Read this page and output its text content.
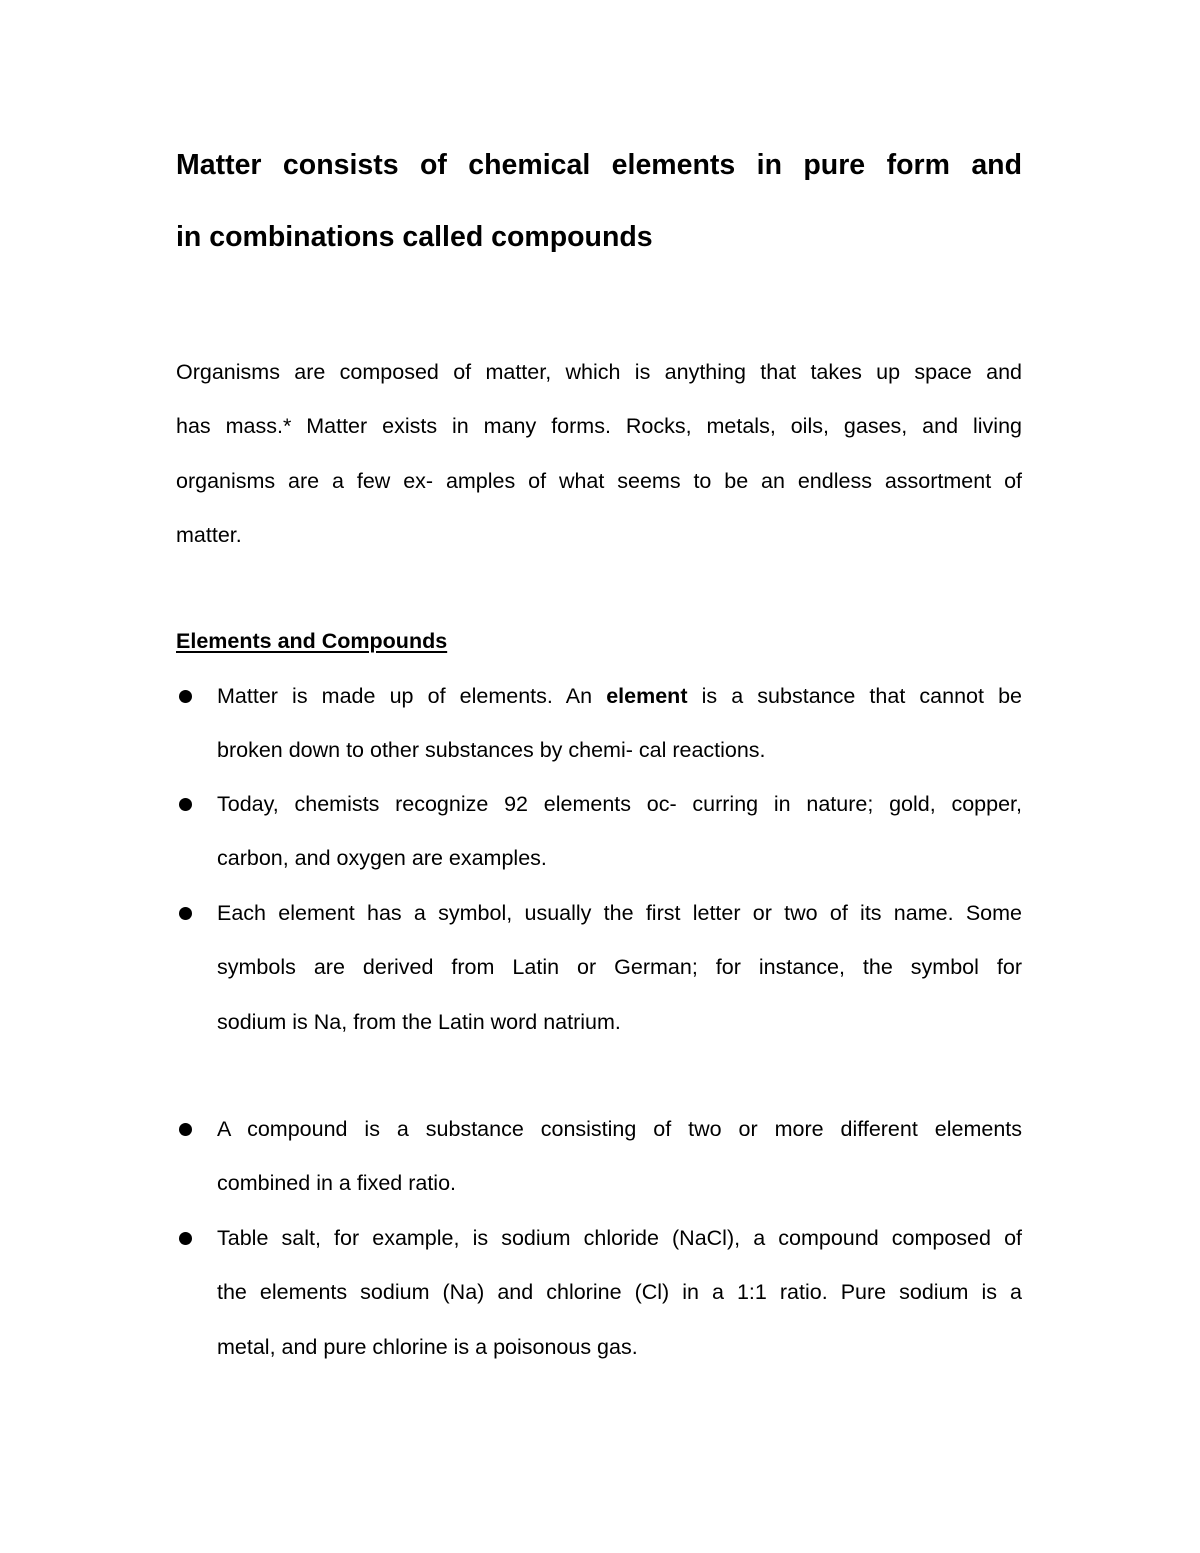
Matter consists of chemical elements in pure form and
in combinations called compounds

Organisms are composed of matter, which is anything that takes up space and
has mass.* Matter exists in many forms. Rocks, metals, oils, gases, and living
organisms are a few ex- amples of what seems to be an endless assortment of
matter.

Elements and Compounds

Matter is made up of elements. An element is a substance that cannot be
broken down to other substances by chemi- cal reactions.

Today, chemists recognize 92 elements oc- curring in nature; gold, copper,
carbon, and oxygen are examples.

Each element has a symbol, usually the first letter or two of its name. Some
symbols are derived from Latin or German; for instance, the symbol for
sodium is Na, from the Latin word natrium.

A compound is a substance consisting of two or more different elements
combined in a fixed ratio.

Table salt, for example, is sodium chloride (NaCl), a compound composed of
the elements sodium (Na) and chlorine (Cl) in a 1:1 ratio. Pure sodium is a
metal, and pure chlorine is a poisonous gas.
